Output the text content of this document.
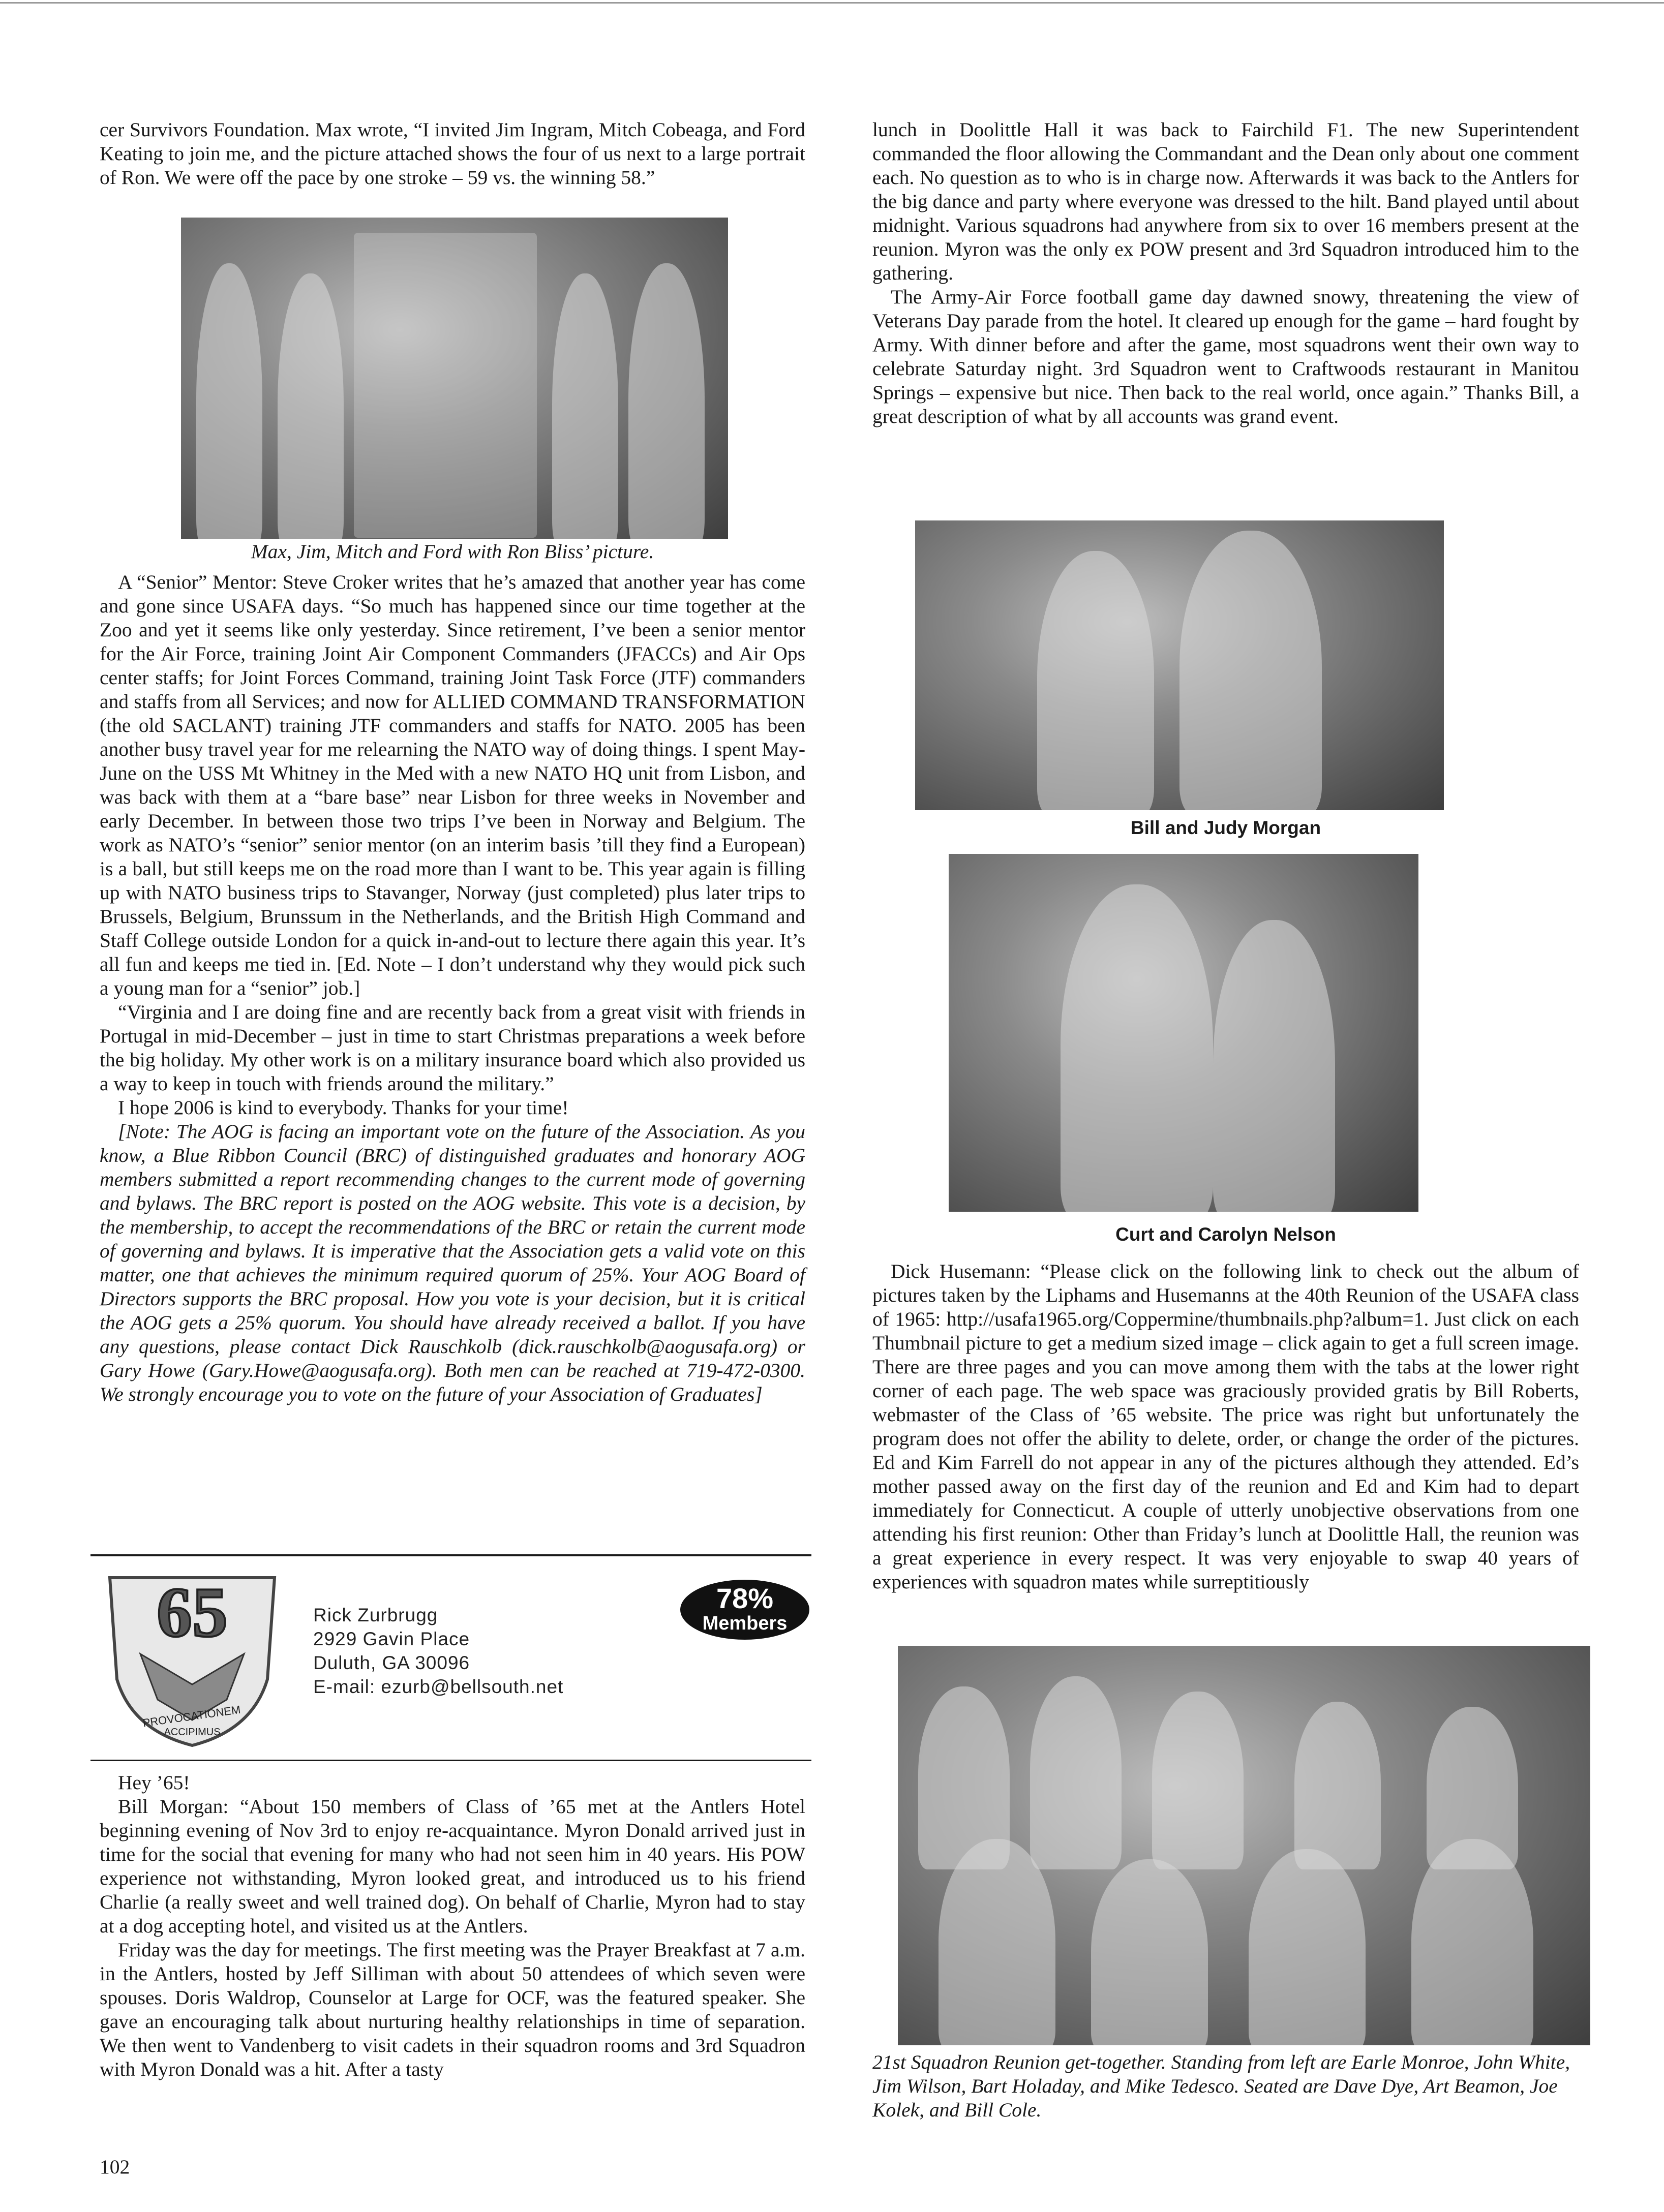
cer Survivors Foundation. Max wrote, “I invited Jim Ingram, Mitch Cobeaga, and Ford Keating to join me, and the picture attached shows the four of us next to a large portrait of Ron. We were off the pace by one stroke – 59 vs. the winning 58.”

Max, Jim, Mitch and Ford with Ron Bliss’ picture.

A “Senior” Mentor: Steve Croker writes that he’s amazed that another year has come and gone since USAFA days. “So much has happened since our time together at the Zoo and yet it seems like only yesterday. Since retirement, I’ve been a senior mentor for the Air Force, training Joint Air Component Commanders (JFACCs) and Air Ops center staffs; for Joint Forces Command, training Joint Task Force (JTF) commanders and staffs from all Services; and now for ALLIED COMMAND TRANSFORMATION (the old SACLANT) training JTF commanders and staffs for NATO. 2005 has been another busy travel year for me relearning the NATO way of doing things. I spent May-June on the USS Mt Whitney in the Med with a new NATO HQ unit from Lisbon, and was back with them at a “bare base” near Lisbon for three weeks in November and early December. In between those two trips I’ve been in Norway and Belgium. The work as NATO’s “senior” senior mentor (on an interim basis ’till they find a European) is a ball, but still keeps me on the road more than I want to be. This year again is filling up with NATO business trips to Stavanger, Norway (just completed) plus later trips to Brussels, Belgium, Brunssum in the Netherlands, and the British High Command and Staff College outside London for a quick in-and-out to lecture there again this year. It’s all fun and keeps me tied in. [Ed. Note – I don’t understand why they would pick such a young man for a “senior” job.]

“Virginia and I are doing fine and are recently back from a great visit with friends in Portugal in mid-December – just in time to start Christmas preparations a week before the big holiday. My other work is on a military insurance board which also provided us a way to keep in touch with friends around the military.”

I hope 2006 is kind to everybody. Thanks for your time!

[Note: The AOG is facing an important vote on the future of the Association. As you know, a Blue Ribbon Council (BRC) of distinguished graduates and honorary AOG members submitted a report recommending changes to the current mode of governing and bylaws. The BRC report is posted on the AOG website. This vote is a decision, by the membership, to accept the recommendations of the BRC or retain the current mode of governing and bylaws. It is imperative that the Association gets a valid vote on this matter, one that achieves the minimum required quorum of 25%. Your AOG Board of Directors supports the BRC proposal. How you vote is your decision, but it is critical the AOG gets a 25% quorum. You should have already received a ballot. If you have any questions, please contact Dick Rauschkolb (dick.rauschkolb@aogusafa.org) or Gary Howe (Gary.Howe@aogusafa.org). Both men can be reached at 719-472-0300. We strongly encourage you to vote on the future of your Association of Graduates]

65
PROVOCATIONEM
ACCIPIMUS
Rick Zurbrugg
2929 Gavin Place
Duluth, GA 30096
E-mail: ezurb@bellsouth.net
78%
Members

Hey ’65!

Bill Morgan: “About 150 members of Class of ’65 met at the Antlers Hotel beginning evening of Nov 3rd to enjoy re-acquaintance. Myron Donald arrived just in time for the social that evening for many who had not seen him in 40 years. His POW experience not withstanding, Myron looked great, and introduced us to his friend Charlie (a really sweet and well trained dog). On behalf of Charlie, Myron had to stay at a dog accepting hotel, and visited us at the Antlers.

Friday was the day for meetings. The first meeting was the Prayer Breakfast at 7 a.m. in the Antlers, hosted by Jeff Silliman with about 50 attendees of which seven were spouses. Doris Waldrop, Counselor at Large for OCF, was the featured speaker. She gave an encouraging talk about nurturing healthy relationships in time of separation. We then went to Vandenberg to visit cadets in their squadron rooms and 3rd Squadron with Myron Donald was a hit. After a tasty

lunch in Doolittle Hall it was back to Fairchild F1. The new Superintendent commanded the floor allowing the Commandant and the Dean only about one comment each. No question as to who is in charge now. Afterwards it was back to the Antlers for the big dance and party where everyone was dressed to the hilt. Band played until about midnight. Various squadrons had anywhere from six to over 16 members present at the reunion. Myron was the only ex POW present and 3rd Squadron introduced him to the gathering.

The Army-Air Force football game day dawned snowy, threatening the view of Veterans Day parade from the hotel. It cleared up enough for the game – hard fought by Army. With dinner before and after the game, most squadrons went their own way to celebrate Saturday night. 3rd Squadron went to Craftwoods restaurant in Manitou Springs – expensive but nice. Then back to the real world, once again.” Thanks Bill, a great description of what by all accounts was grand event.

Bill and Judy Morgan
Curt and Carolyn Nelson

Dick Husemann: “Please click on the following link to check out the album of pictures taken by the Liphams and Husemanns at the 40th Reunion of the USAFA class of 1965: http://usafa1965.org/Coppermine/thumbnails.php?album=1. Just click on each Thumbnail picture to get a medium sized image – click again to get a full screen image. There are three pages and you can move among them with the tabs at the lower right corner of each page. The web space was graciously provided gratis by Bill Roberts, webmaster of the Class of ’65 website. The price was right but unfortunately the program does not offer the ability to delete, order, or change the order of the pictures. Ed and Kim Farrell do not appear in any of the pictures although they attended. Ed’s mother passed away on the first day of the reunion and Ed and Kim had to depart immediately for Connecticut. A couple of utterly unobjective observations from one attending his first reunion: Other than Friday’s lunch at Doolittle Hall, the reunion was a great experience in every respect. It was very enjoyable to swap 40 years of experiences with squadron mates while surreptitiously

21st Squadron Reunion get-together. Standing from left are Earle Monroe, John White, Jim Wilson, Bart Holaday, and Mike Tedesco. Seated are Dave Dye, Art Beamon, Joe Kolek, and Bill Cole.
102
